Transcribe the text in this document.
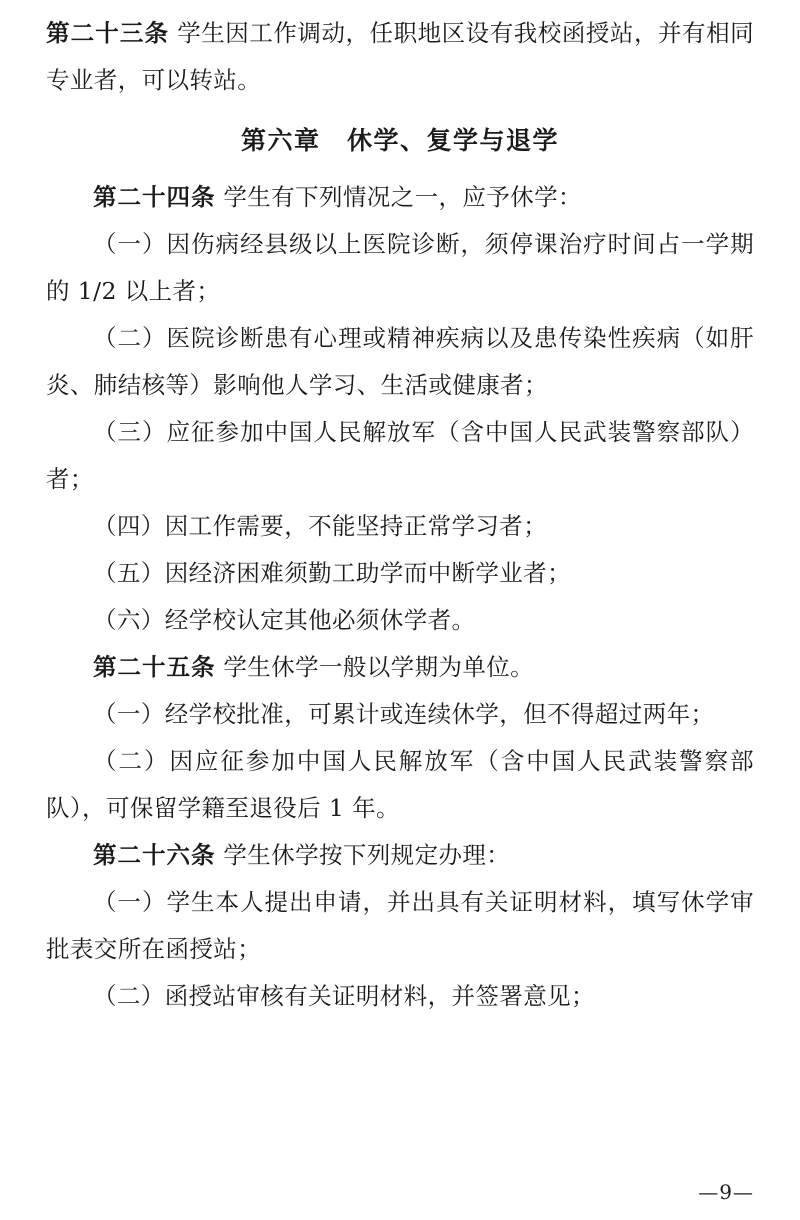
第二十三条 学生因工作调动，任职地区设有我校函授站，并有相同专业者，可以转站。

第六章　休学、复学与退学

第二十四条 学生有下列情况之一，应予休学：

（一）因伤病经县级以上医院诊断，须停课治疗时间占一学期的 1/2 以上者；

（二）医院诊断患有心理或精神疾病以及患传染性疾病（如肝炎、肺结核等）影响他人学习、生活或健康者；

（三）应征参加中国人民解放军（含中国人民武装警察部队）者；

（四）因工作需要，不能坚持正常学习者；

（五）因经济困难须勤工助学而中断学业者；

（六）经学校认定其他必须休学者。

第二十五条 学生休学一般以学期为单位。

（一）经学校批准，可累计或连续休学，但不得超过两年；

（二）因应征参加中国人民解放军（含中国人民武装警察部队），可保留学籍至退役后 1 年。

第二十六条 学生休学按下列规定办理：

（一）学生本人提出申请，并出具有关证明材料，填写休学审批表交所在函授站；

（二）函授站审核有关证明材料，并签署意见；

—9—
